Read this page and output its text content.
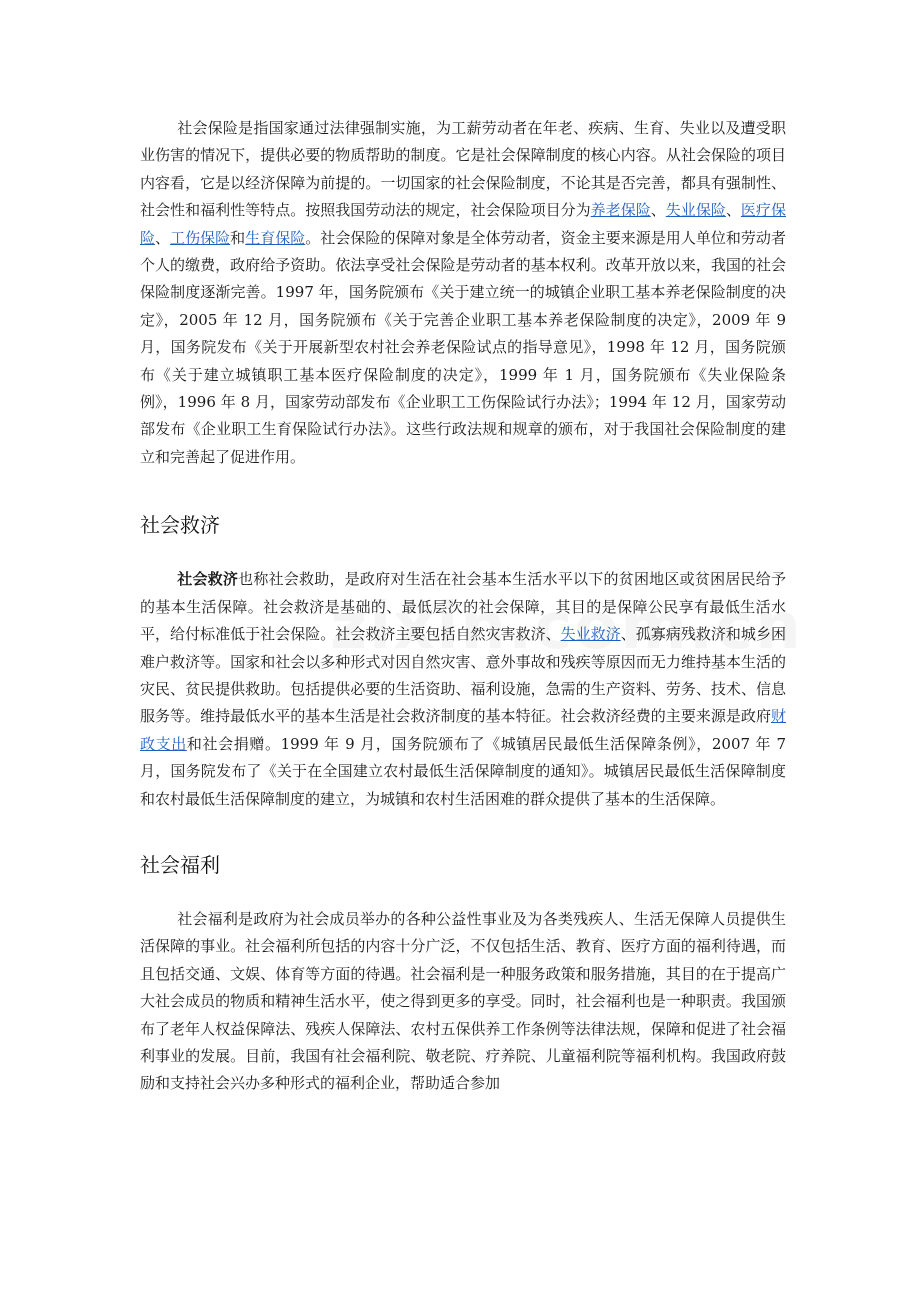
社会保险是指国家通过法律强制实施，为工薪劳动者在年老、疾病、生育、失业以及遭受职业伤害的情况下，提供必要的物质帮助的制度。它是社会保障制度的核心内容。从社会保险的项目内容看，它是以经济保障为前提的。一切国家的社会保险制度，不论其是否完善，都具有强制性、社会性和福利性等特点。按照我国劳动法的规定，社会保险项目分为养老保险、失业保险、医疗保险、工伤保险和生育保险。社会保险的保障对象是全体劳动者，资金主要来源是用人单位和劳动者个人的缴费，政府给予资助。依法享受社会保险是劳动者的基本权利。改革开放以来，我国的社会保险制度逐渐完善。1997 年，国务院颁布《关于建立统一的城镇企业职工基本养老保险制度的决定》，2005 年 12 月，国务院颁布《关于完善企业职工基本养老保险制度的决定》，2009 年 9 月，国务院发布《关于开展新型农村社会养老保险试点的指导意见》，1998 年 12 月，国务院颁布《关于建立城镇职工基本医疗保险制度的决定》，1999 年 1 月，国务院颁布《失业保险条例》，1996 年 8 月，国家劳动部发布《企业职工工伤保险试行办法》；1994 年 12 月，国家劳动部发布《企业职工生育保险试行办法》。这些行政法规和规章的颁布，对于我国社会保险制度的建立和完善起了促进作用。

社会救济

社会救济也称社会救助，是政府对生活在社会基本生活水平以下的贫困地区或贫困居民给予的基本生活保障。社会救济是基础的、最低层次的社会保障，其目的是保障公民享有最低生活水平，给付标准低于社会保险。社会救济主要包括自然灾害救济、失业救济、孤寡病残救济和城乡困难户救济等。国家和社会以多种形式对因自然灾害、意外事故和残疾等原因而无力维持基本生活的灾民、贫民提供救助。包括提供必要的生活资助、福利设施，急需的生产资料、劳务、技术、信息服务等。维持最低水平的基本生活是社会救济制度的基本特征。社会救济经费的主要来源是政府财政支出和社会捐赠。1999 年 9 月，国务院颁布了《城镇居民最低生活保障条例》，2007 年 7 月，国务院发布了《关于在全国建立农村最低生活保障制度的通知》。城镇居民最低生活保障制度和农村最低生活保障制度的建立，为城镇和农村生活困难的群众提供了基本的生活保障。

社会福利

社会福利是政府为社会成员举办的各种公益性事业及为各类残疾人、生活无保障人员提供生活保障的事业。社会福利所包括的内容十分广泛，不仅包括生活、教育、医疗方面的福利待遇，而且包括交通、文娱、体育等方面的待遇。社会福利是一种服务政策和服务措施，其目的在于提高广大社会成员的物质和精神生活水平，使之得到更多的享受。同时，社会福利也是一种职责。我国颁布了老年人权益保障法、残疾人保障法、农村五保供养工作条例等法律法规，保障和促进了社会福利事业的发展。目前，我国有社会福利院、敬老院、疗养院、儿童福利院等福利机构。我国政府鼓励和支持社会兴办多种形式的福利企业，帮助适合参加
